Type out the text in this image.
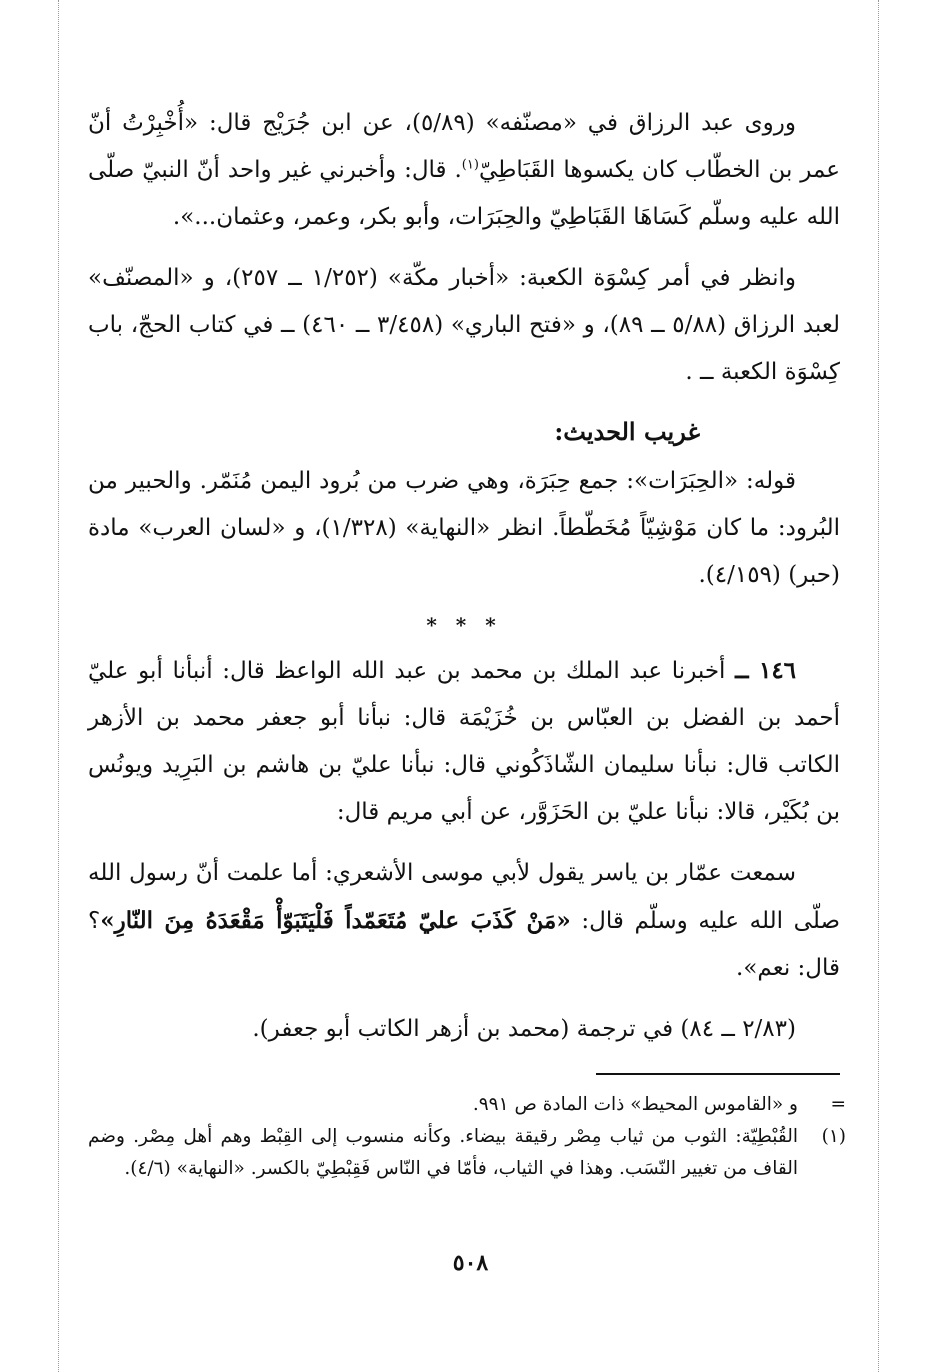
وروى عبد الرزاق في «مصنّفه» (٥/٨٩)، عن ابن جُرَيْج قال: «أُخْبِرْتُ أنّ عمر بن الخطّاب كان يكسوها القَبَاطِيّ$^{(١)}$. قال: وأخبرني غير واحد أنّ النبيّ صلّى الله عليه وسلّم كَسَاهَا القَبَاطِيّ والحِبَرَات، وأبو بكر، وعمر، وعثمان...».

وانظر في أمر كِسْوَة الكعبة: «أخبار مكّة» (١/٢٥٢ ــ ٢٥٧)، و «المصنّف» لعبد الرزاق (٥/٨٨ ــ ٨٩)، و «فتح الباري» (٣/٤٥٨ ــ ٤٦٠) ــ في كتاب الحجّ، باب كِسْوَة الكعبة ــ .

غريب الحديث:

قوله: «الحِبَرَات»: جمع حِبَرَة، وهي ضرب من بُرود اليمن مُنَمّر. والحبير من البُرود: ما كان مَوْشِيّاً مُخَطّطاً. انظر «النهاية» (١/٣٢٨)، و «لسان العرب» مادة (حبر) (٤/١٥٩).

* * *

١٤٦ ــ أخبرنا عبد الملك بن محمد بن عبد الله الواعظ قال: أنبأنا أبو عليّ أحمد بن الفضل بن العبّاس بن خُزَيْمَة قال: نبأنا أبو جعفر محمد بن الأزهر الكاتب قال: نبأنا سليمان الشّاذَكُوني قال: نبأنا عليّ بن هاشم بن البَرِيد ويونُس بن بُكَيْر، قالا: نبأنا عليّ بن الحَزَوَّر، عن أبي مريم قال:

سمعت عمّار بن ياسر يقول لأبي موسى الأشعري: أما علمت أنّ رسول الله صلّى الله عليه وسلّم قال: «مَنْ كَذَبَ عليّ مُتَعَمّداً فَلْيَتَبَوّأْ مَقْعَدَهُ مِنَ النّارِ»؟ قال: نعم».

(٢/٨٣ ــ ٨٤) في ترجمة (محمد بن أزهر الكاتب أبو جعفر).

=
و «القاموس المحيط» ذات المادة ص ٩٩١.

(١)
القُبْطِيّة: الثوب من ثياب مِصْر رقيقة بيضاء. وكأنه منسوب إلى القِبْط وهم أهل مِصْر. وضم القاف من تغيير النّسَب. وهذا في الثياب، فأمّا في النّاس فَقِبْطِيّ بالكسر. «النهاية» (٤/٦).

٥٠٨
